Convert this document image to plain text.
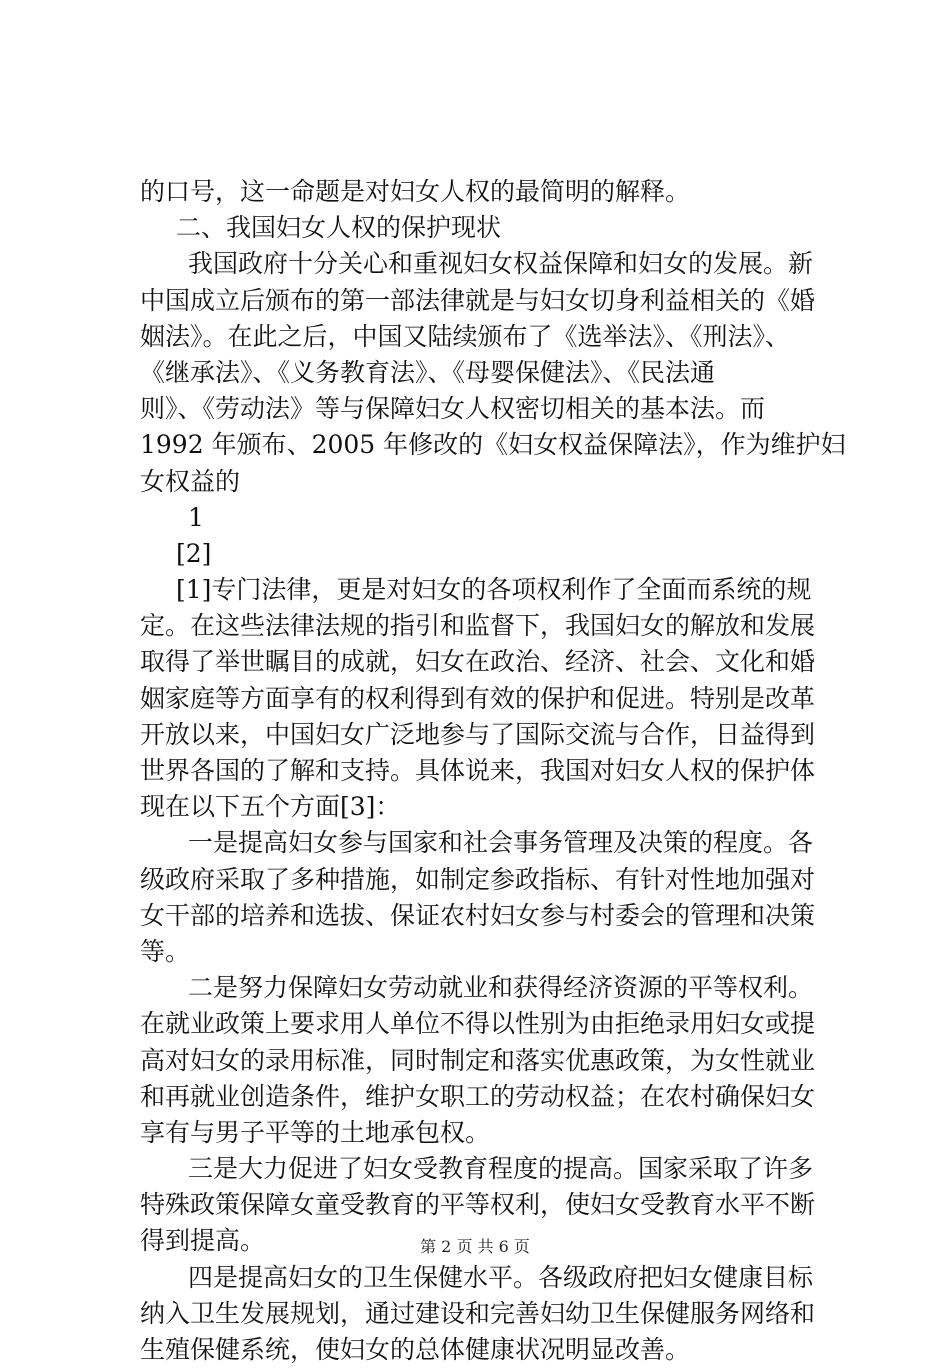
的口号，这一命题是对妇女人权的最简明的解释。
二、我国妇女人权的保护现状
我国政府十分关心和重视妇女权益保障和妇女的发展。新
中国成立后颁布的第一部法律就是与妇女切身利益相关的《婚
姻法》。在此之后，中国又陆续颁布了《选举法》、《刑法》、
《继承法》、《义务教育法》、《母婴保健法》、《民法通
则》、《劳动法》等与保障妇女人权密切相关的基本法。而
1992 年颁布、2005 年修改的《妇女权益保障法》，作为维护妇
女权益的
1
[2]
[1]专门法律，更是对妇女的各项权利作了全面而系统的规
定。在这些法律法规的指引和监督下，我国妇女的解放和发展
取得了举世瞩目的成就，妇女在政治、经济、社会、文化和婚
姻家庭等方面享有的权利得到有效的保护和促进。特别是改革
开放以来，中国妇女广泛地参与了国际交流与合作，日益得到
世界各国的了解和支持。具体说来，我国对妇女人权的保护体
现在以下五个方面[3]：
一是提高妇女参与国家和社会事务管理及决策的程度。各
级政府采取了多种措施，如制定参政指标、有针对性地加强对
女干部的培养和选拔、保证农村妇女参与村委会的管理和决策
等。
二是努力保障妇女劳动就业和获得经济资源的平等权利。
在就业政策上要求用人单位不得以性别为由拒绝录用妇女或提
高对妇女的录用标准，同时制定和落实优惠政策，为女性就业
和再就业创造条件，维护女职工的劳动权益；在农村确保妇女
享有与男子平等的土地承包权。
三是大力促进了妇女受教育程度的提高。国家采取了许多
特殊政策保障女童受教育的平等权利，使妇女受教育水平不断
得到提高。
四是提高妇女的卫生保健水平。各级政府把妇女健康目标
纳入卫生发展规划，通过建设和完善妇幼卫生保健服务网络和
生殖保健系统，使妇女的总体健康状况明显改善。
第 2 页 共 6 页
